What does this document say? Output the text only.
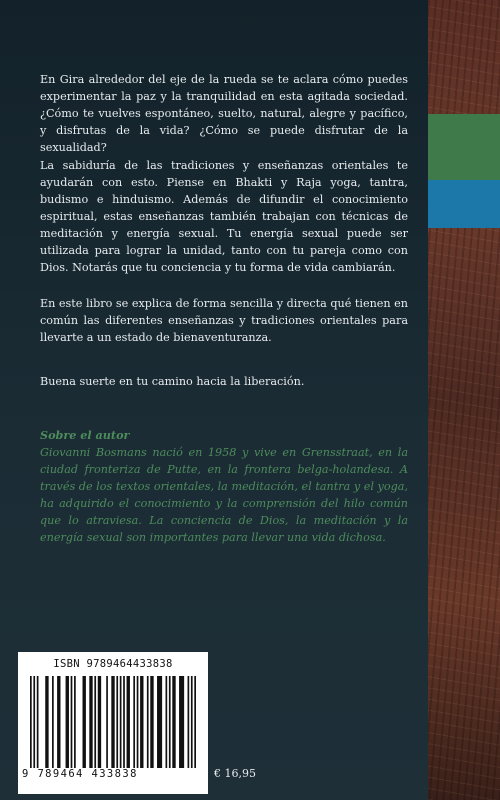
En Gira alrededor del eje de la rueda se te aclara cómo puedes experimentar la paz y la tranquilidad en esta agitada sociedad. ¿Cómo te vuelves espontáneo, suelto, natural, alegre y pacífico, y disfrutas de la vida? ¿Cómo se puede disfrutar de la sexualidad?

La sabiduría de las tradiciones y enseñanzas orientales te ayudarán con esto. Piense en Bhakti y Raja yoga, tantra, budismo e hinduismo. Además de difundir el conocimiento espiritual, estas enseñanzas también trabajan con técnicas de meditación y energía sexual. Tu energía sexual puede ser utilizada para lograr la unidad, tanto con tu pareja como con Dios. Notarás que tu conciencia y tu forma de vida cambiarán.

En este libro se explica de forma sencilla y directa qué tienen en común las diferentes enseñanzas y tradiciones orientales para llevarte a un estado de bienaventuranza.

Buena suerte en tu camino hacia la liberación.

Sobre el autor

Giovanni Bosmans nació en 1958 y vive en Grensstraat, en la ciudad fronteriza de Putte, en la frontera belga-holandesa. A través de los textos orientales, la meditación, el tantra y el yoga, ha adquirido el conocimiento y la comprensión del hilo común que lo atraviesa. La conciencia de Dios, la meditación y la energía sexual son importantes para llevar una vida dichosa.

ISBN 9789464433838
9 789464 433838	€ 16,95
